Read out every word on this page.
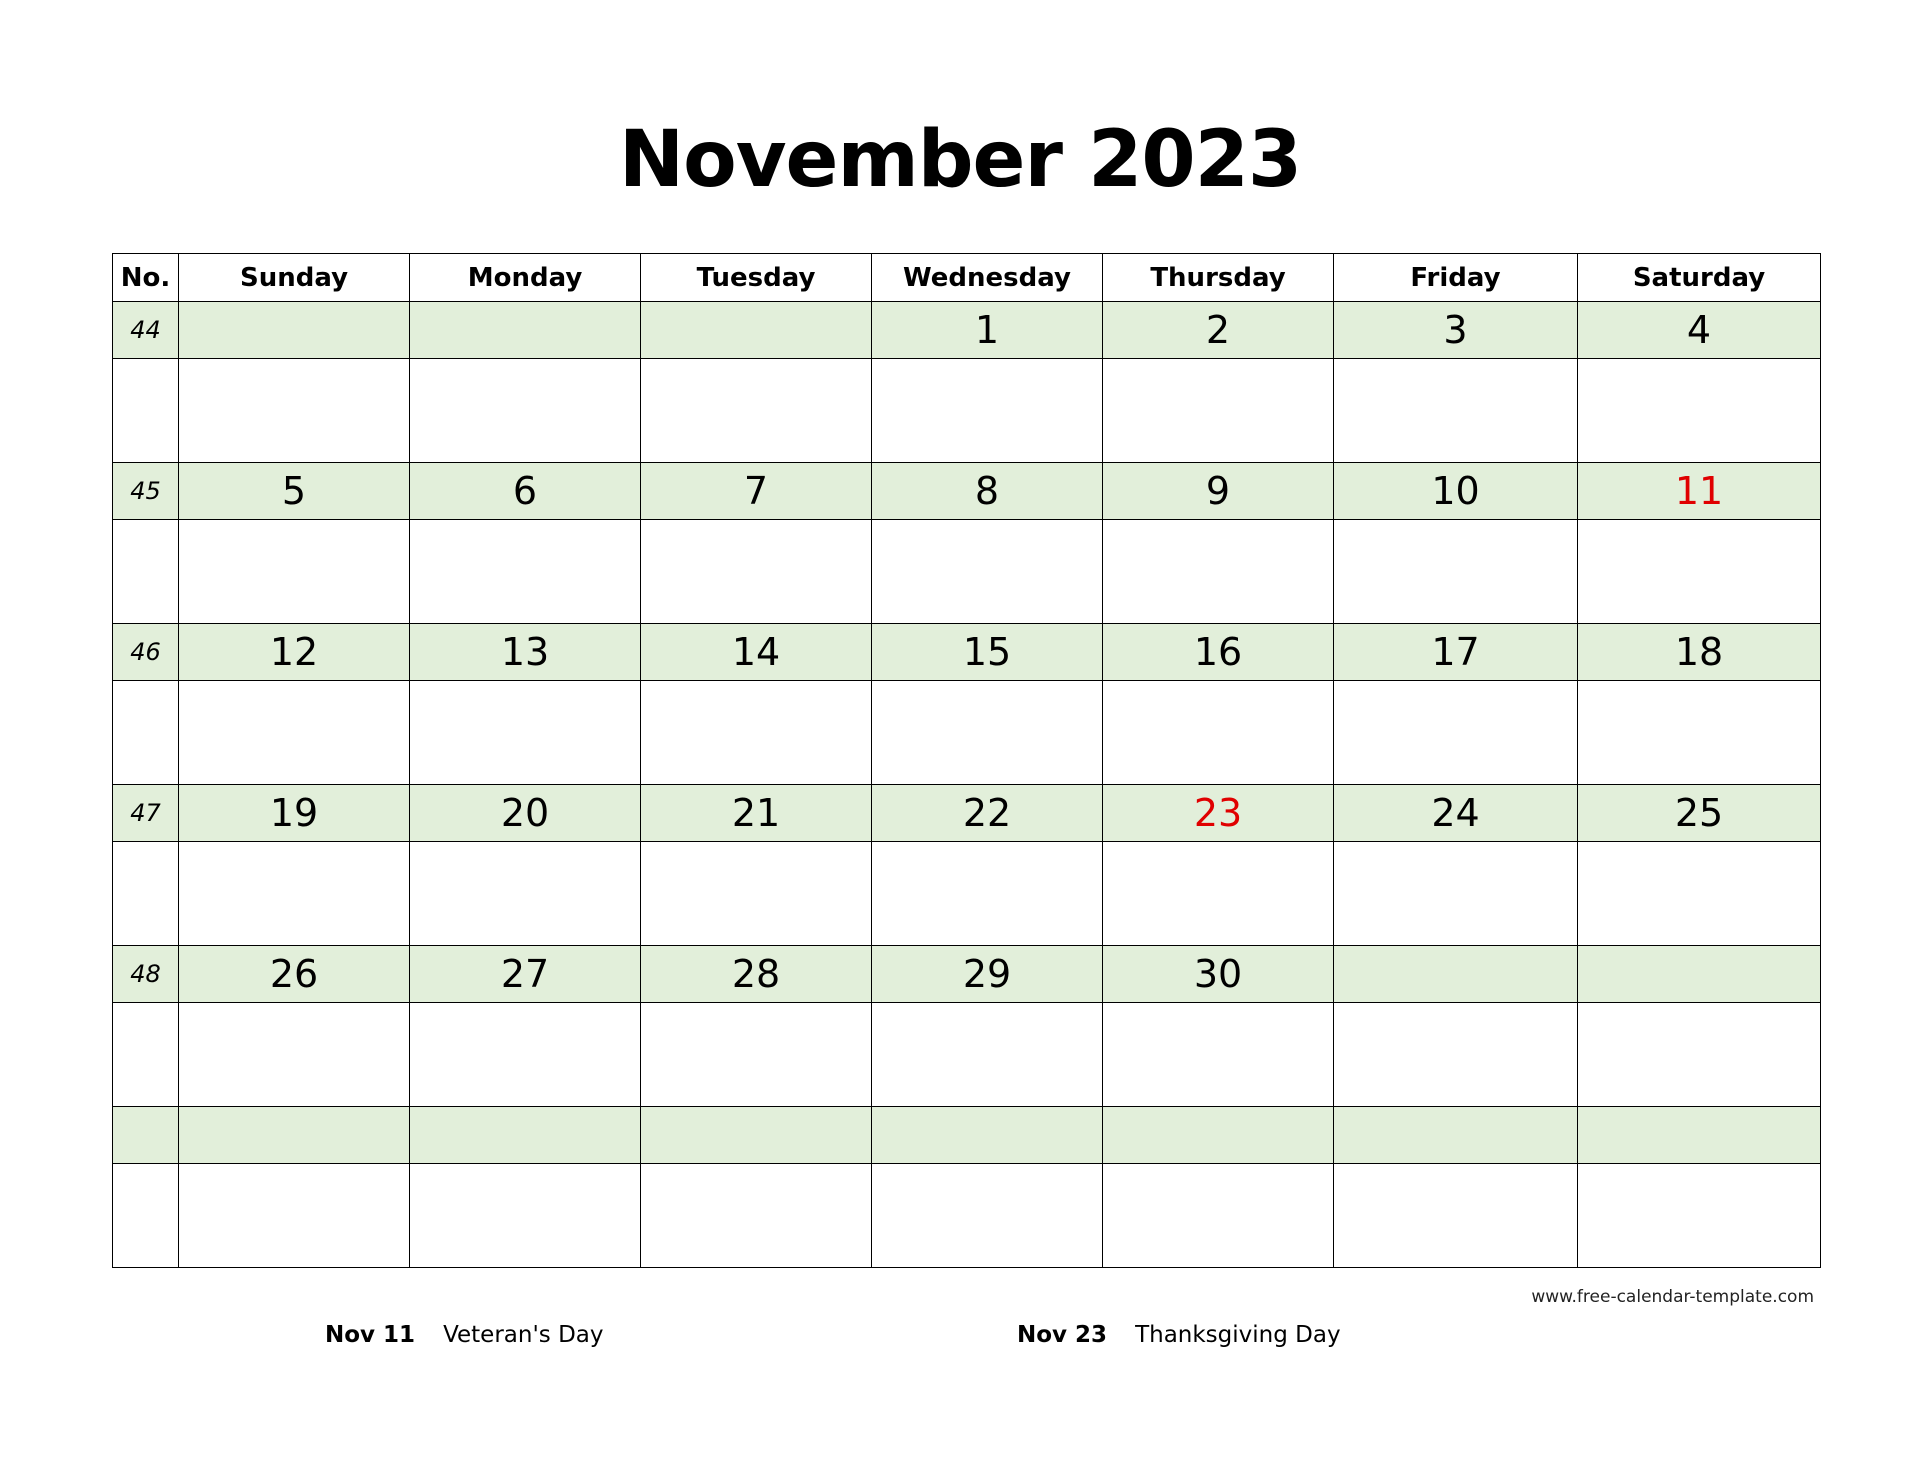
November 2023
No.	Sunday	Monday	Tuesday	Wednesday	Thursday	Friday	Saturday
44				1	2	3	4

45	5	6	7	8	9	10	11

46	12	13	14	15	16	17	18

47	19	20	21	22	23	24	25

48	26	27	28	29	30		

www.free-calendar-template.com
Nov 11 Veteran's Day	Nov 23 Thanksgiving Day
